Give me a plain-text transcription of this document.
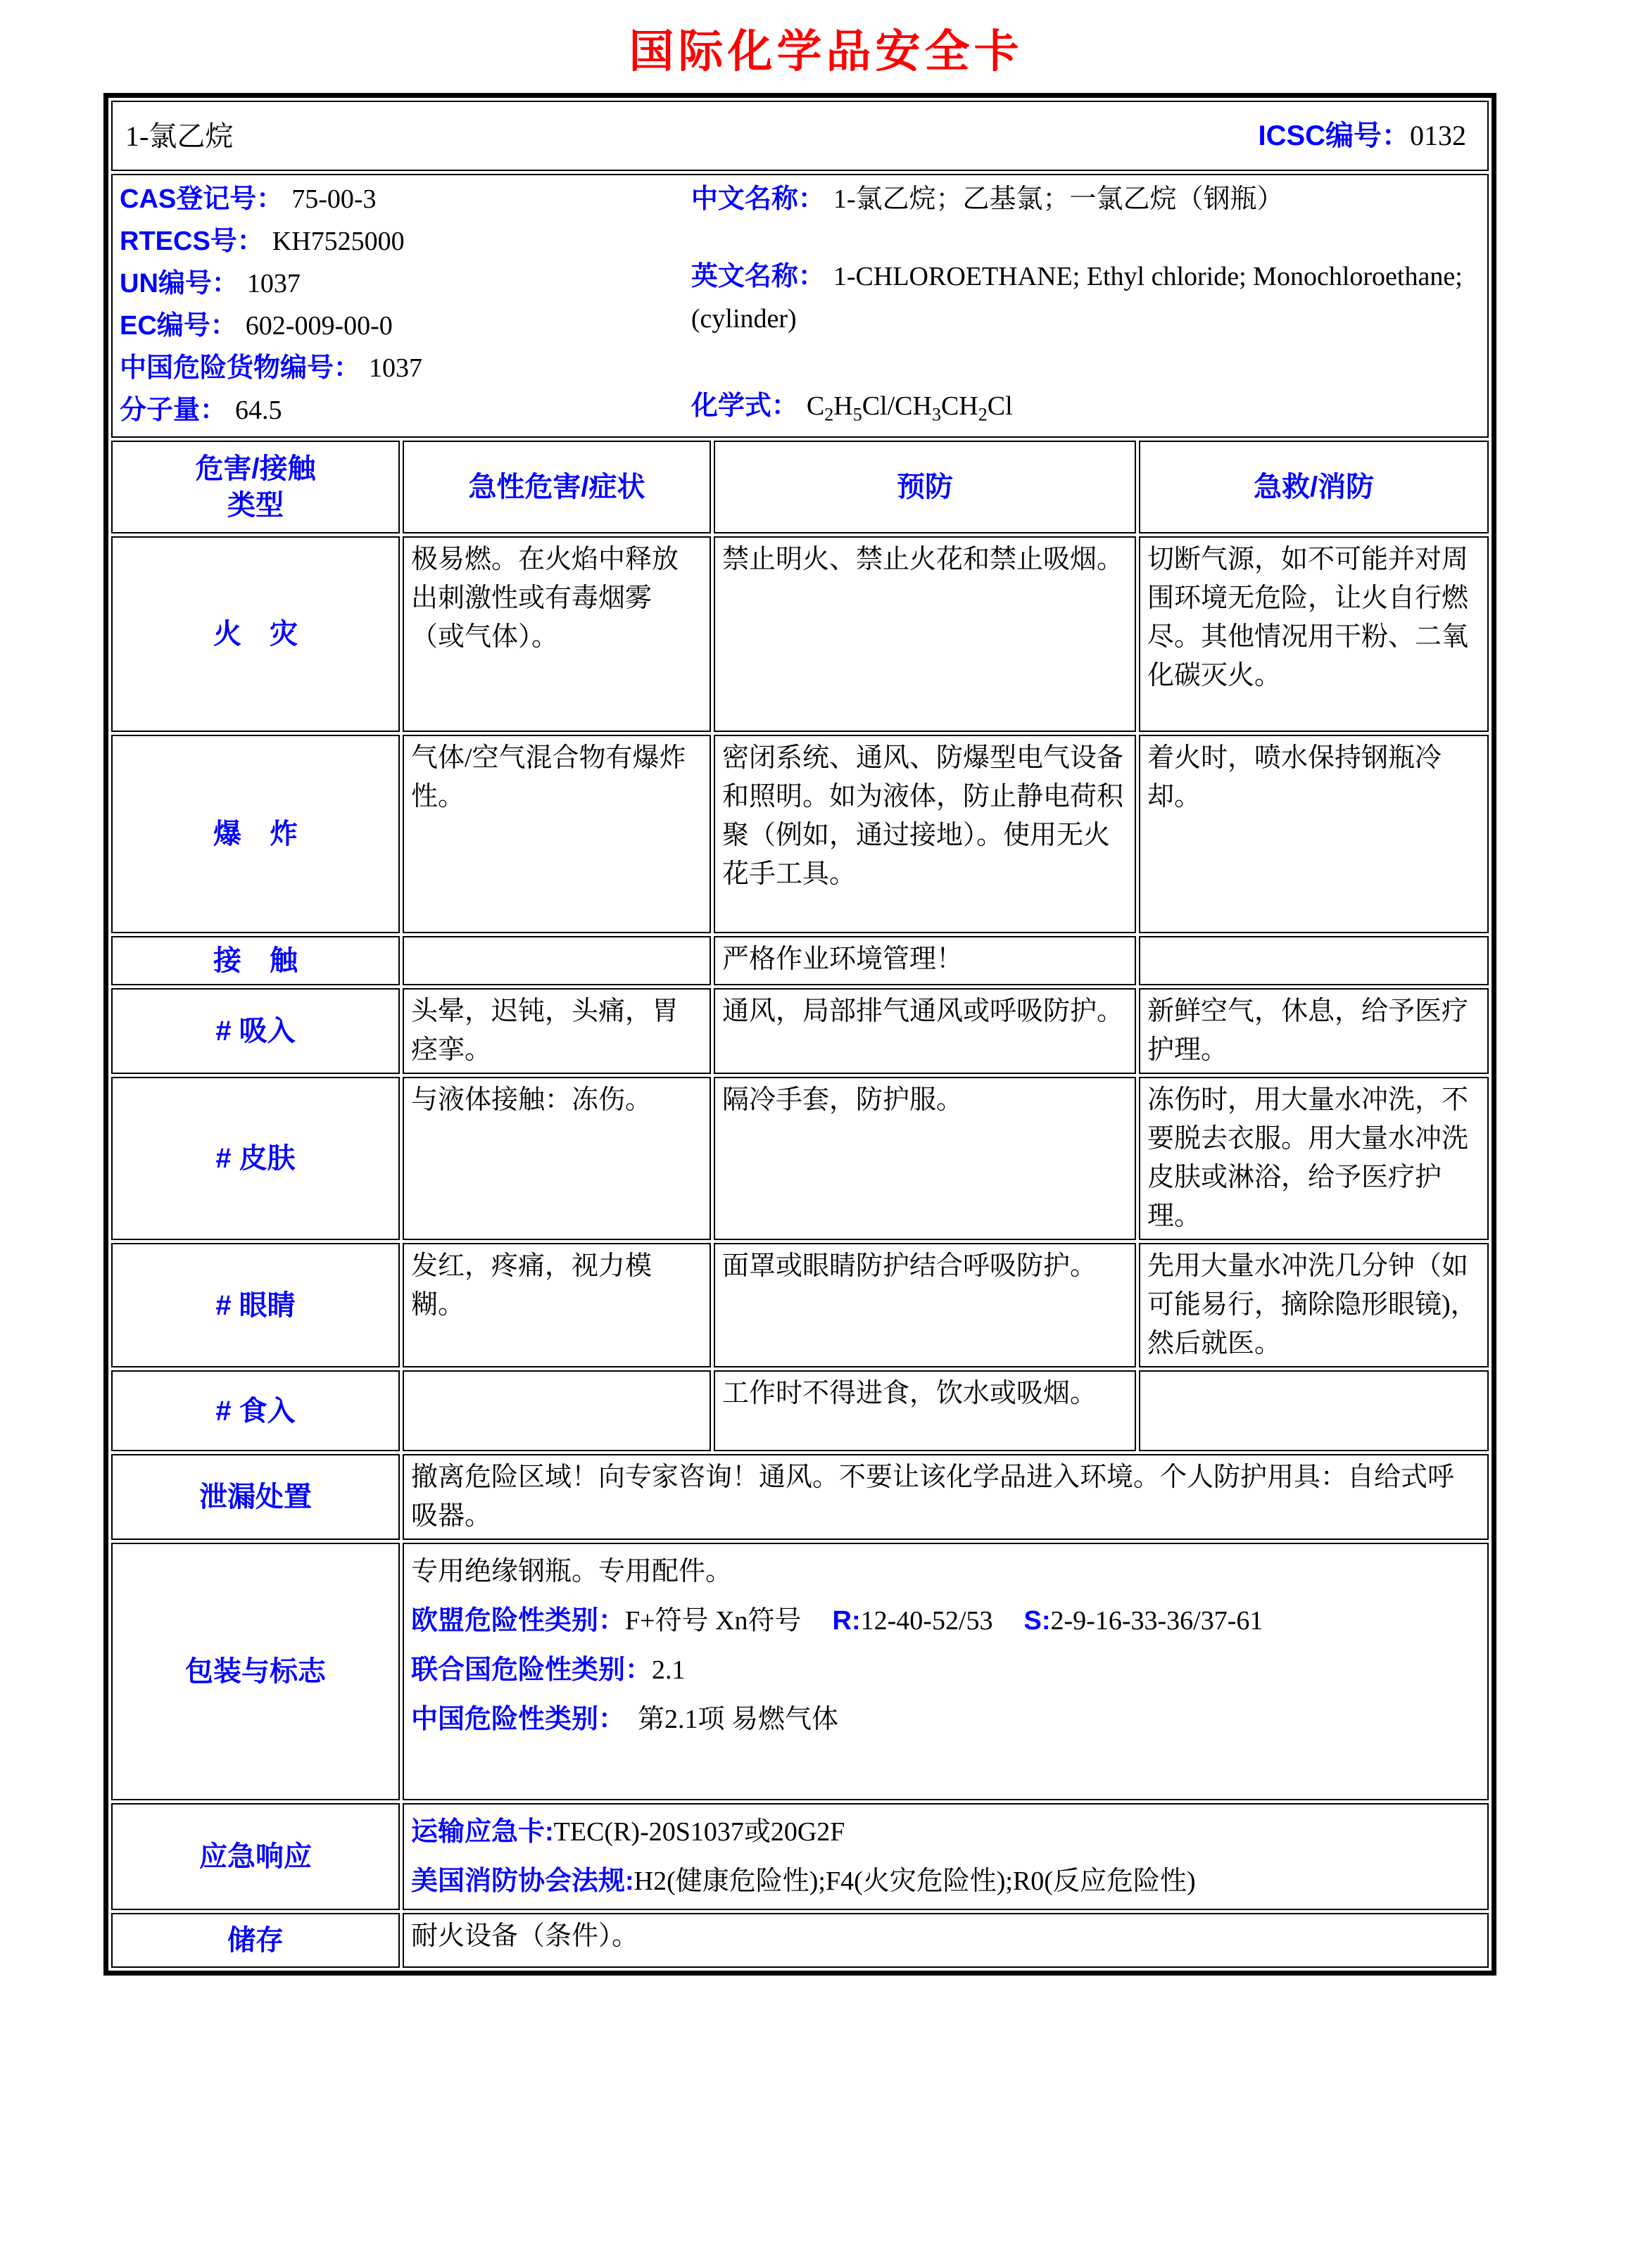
国际化学品安全卡
1-氯乙烷 ICSC编号：0132			

CAS登记号： 75-00-3
RTECS号： KH7525000
UN编号： 1037
EC编号： 602-009-00-0
中国危险货物编号： 1037
分子量： 64.5

中文名称： 1-氯乙烷；乙基氯；一氯乙烷（钢瓶）

英文名称： 1-CHLOROETHANE; Ethyl chloride; Monochloroethane; (cylinder)

化学式： $C_2H_5Cl/CH_3CH_2Cl$

危害/接触
类型	急性危害/症状	预防	急救/消防
火　灾	极易燃。在火焰中释放出刺激性或有毒烟雾（或气体）。	禁止明火、禁止火花和禁止吸烟。	切断气源，如不可能并对周围环境无危险，让火自行燃尽。其他情况用干粉、二氧化碳灭火。
爆　炸	气体/空气混合物有爆炸性。	密闭系统、通风、防爆型电气设备和照明。如为液体，防止静电荷积聚（例如，通过接地）。使用无火花手工具。	着火时，喷水保持钢瓶冷却。
接　触		严格作业环境管理！	
# 吸入	头晕，迟钝，头痛，胃痉挛。	通风，局部排气通风或呼吸防护。	新鲜空气，休息，给予医疗护理。
# 皮肤	与液体接触：冻伤。	隔冷手套，防护服。	冻伤时，用大量水冲洗，不要脱去衣服。用大量水冲洗皮肤或淋浴，给予医疗护理。
# 眼睛	发红，疼痛，视力模糊。	面罩或眼睛防护结合呼吸防护。	先用大量水冲洗几分钟（如可能易行，摘除隐形眼镜)，然后就医。
# 食入		工作时不得进食，饮水或吸烟。	
泄漏处置	撤离危险区域！向专家咨询！通风。不要让该化学品进入环境。个人防护用具：自给式呼吸器。		
包装与标志	专用绝缘钢瓶。专用配件。

欧盟危险性类别：F+符号 Xn符号 R:12-40-52/53 S:2-9-16-33-36/37-61

联合国危险性类别：2.1

中国危险性类别： 第2.1项 易燃气体		

应急响应	运输应急卡:TEC(R)-20S1037或20G2F

美国消防协会法规:H2(健康危险性);F4(火灾危险性);R0(反应危险性)		

储存	耐火设备（条件）。		
